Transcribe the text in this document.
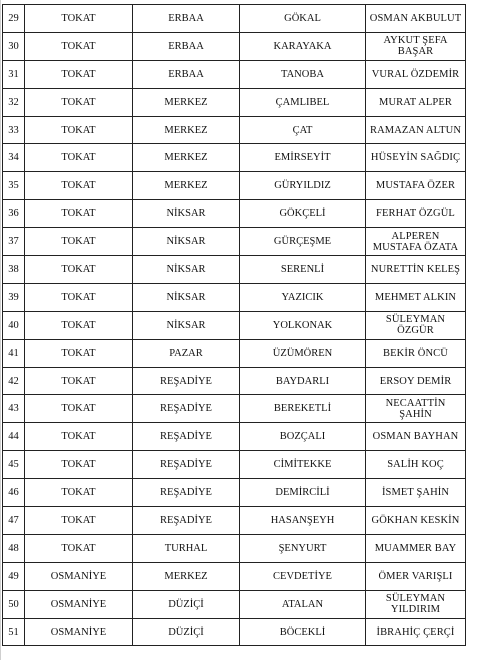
29	TOKAT	ERBAA	GÖKAL	OSMAN AKBULUT
30	TOKAT	ERBAA	KARAYAKA	AYKUT ŞEFA BAŞAR
31	TOKAT	ERBAA	TANOBA	VURAL ÖZDEMİR
32	TOKAT	MERKEZ	ÇAMLIBEL	MURAT ALPER
33	TOKAT	MERKEZ	ÇAT	RAMAZAN ALTUN
34	TOKAT	MERKEZ	EMİRSEYİT	HÜSEYİN SAĞDIÇ
35	TOKAT	MERKEZ	GÜRYILDIZ	MUSTAFA ÖZER
36	TOKAT	NİKSAR	GÖKÇELİ	FERHAT ÖZGÜL
37	TOKAT	NİKSAR	GÜRÇEŞME	ALPEREN MUSTAFA ÖZATA
38	TOKAT	NİKSAR	SERENLİ	NURETTİN KELEŞ
39	TOKAT	NİKSAR	YAZICIK	MEHMET ALKIN
40	TOKAT	NİKSAR	YOLKONAK	SÜLEYMAN ÖZGÜR
41	TOKAT	PAZAR	ÜZÜMÖREN	BEKİR ÖNCÜ
42	TOKAT	REŞADİYE	BAYDARLI	ERSOY DEMİR
43	TOKAT	REŞADİYE	BEREKETLİ	NECAATTİN ŞAHİN
44	TOKAT	REŞADİYE	BOZÇALI	OSMAN BAYHAN
45	TOKAT	REŞADİYE	CİMİTEKKE	SALİH KOÇ
46	TOKAT	REŞADİYE	DEMİRCİLİ	İSMET ŞAHİN
47	TOKAT	REŞADİYE	HASANŞEYH	GÖKHAN KESKİN
48	TOKAT	TURHAL	ŞENYURT	MUAMMER BAY
49	OSMANİYE	MERKEZ	CEVDETİYE	ÖMER VARIŞLI
50	OSMANİYE	DÜZİÇİ	ATALAN	SÜLEYMAN YILDIRIM
51	OSMANİYE	DÜZİÇİ	BÖCEKLİ	İBRAHİÇ ÇERÇİ
